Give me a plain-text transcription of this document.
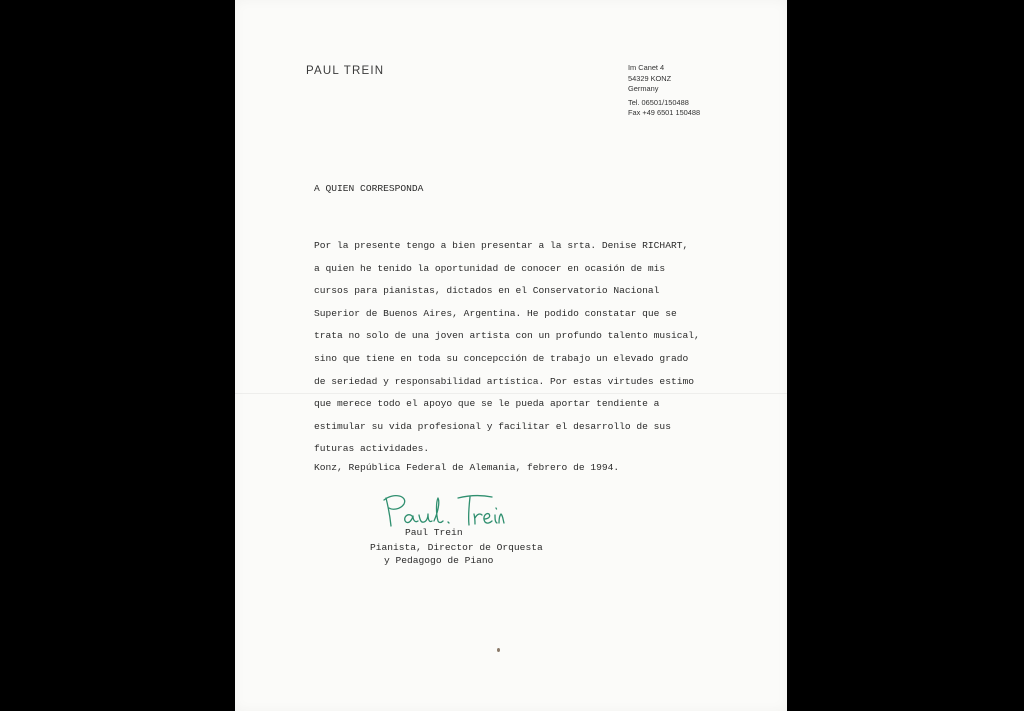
PAUL TREIN	Im Canet 4
54329 KONZ
Germany
Tel. 06501/150488
Fax +49 6501 150488
A QUIEN CORRESPONDA
Por la presente tengo a bien presentar a la srta. Denise RICHART,
a quien he tenido la oportunidad de conocer en ocasión de mis
cursos para pianistas, dictados en el Conservatorio Nacional
Superior de Buenos Aires, Argentina. He podido constatar que se
trata no solo de una joven artista con un profundo talento musical,
sino que tiene en toda su concepcción de trabajo un elevado grado
de seriedad y responsabilidad artística. Por estas virtudes estimo
que merece todo el apoyo que se le pueda aportar tendiente a
estimular su vida profesional y facilitar el desarrollo de sus
futuras actividades.
Konz, República Federal de Alemania, febrero de 1994.
Paul Trein
Pianista, Director de Orquesta
y Pedagogo de Piano
